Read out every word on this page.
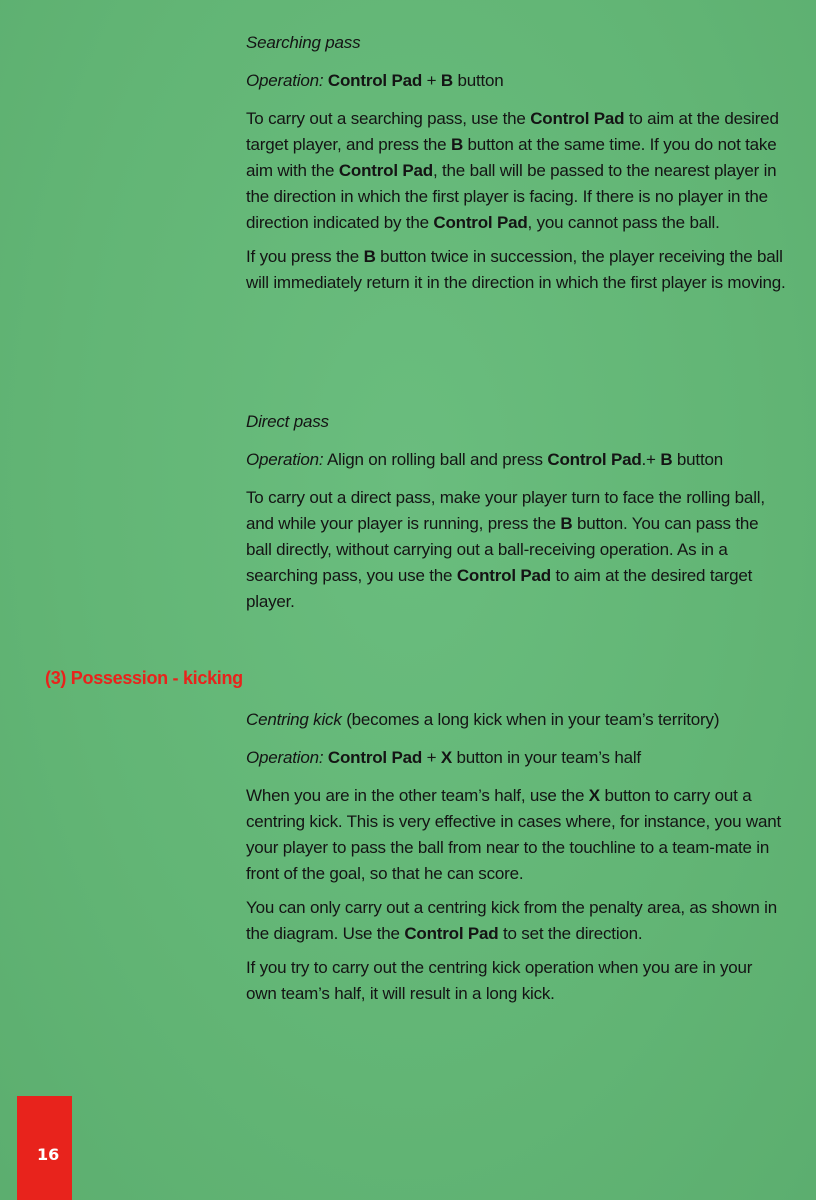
Searching pass

Operation: Control Pad + B button

To carry out a searching pass, use the Control Pad to aim at the desired target player, and press the B button at the same time. If you do not take aim with the Control Pad, the ball will be passed to the nearest player in the direction in which the first player is facing. If there is no player in the direction indicated by the Control Pad, you cannot pass the ball.

If you press the B button twice in succession, the player receiving the ball will immediately return it in the direction in which the first player is moving.

Direct pass

Operation: Align on rolling ball and press Control Pad.+ B button

To carry out a direct pass, make your player turn to face the rolling ball, and while your player is running, press the B button. You can pass the ball directly, without carrying out a ball-receiving operation. As in a searching pass, you use the Control Pad to aim at the desired target player.

(3) Possession - kicking

Centring kick (becomes a long kick when in your team’s territory)

Operation: Control Pad + X button in your team’s half

When you are in the other team’s half, use the X button to carry out a centring kick. This is very effective in cases where, for instance, you want your player to pass the ball from near to the touchline to a team-mate in front of the goal, so that he can score.

You can only carry out a centring kick from the penalty area, as shown in the diagram. Use the Control Pad to set the direction.

If you try to carry out the centring kick operation when you are in your own team’s half, it will result in a long kick.

16
